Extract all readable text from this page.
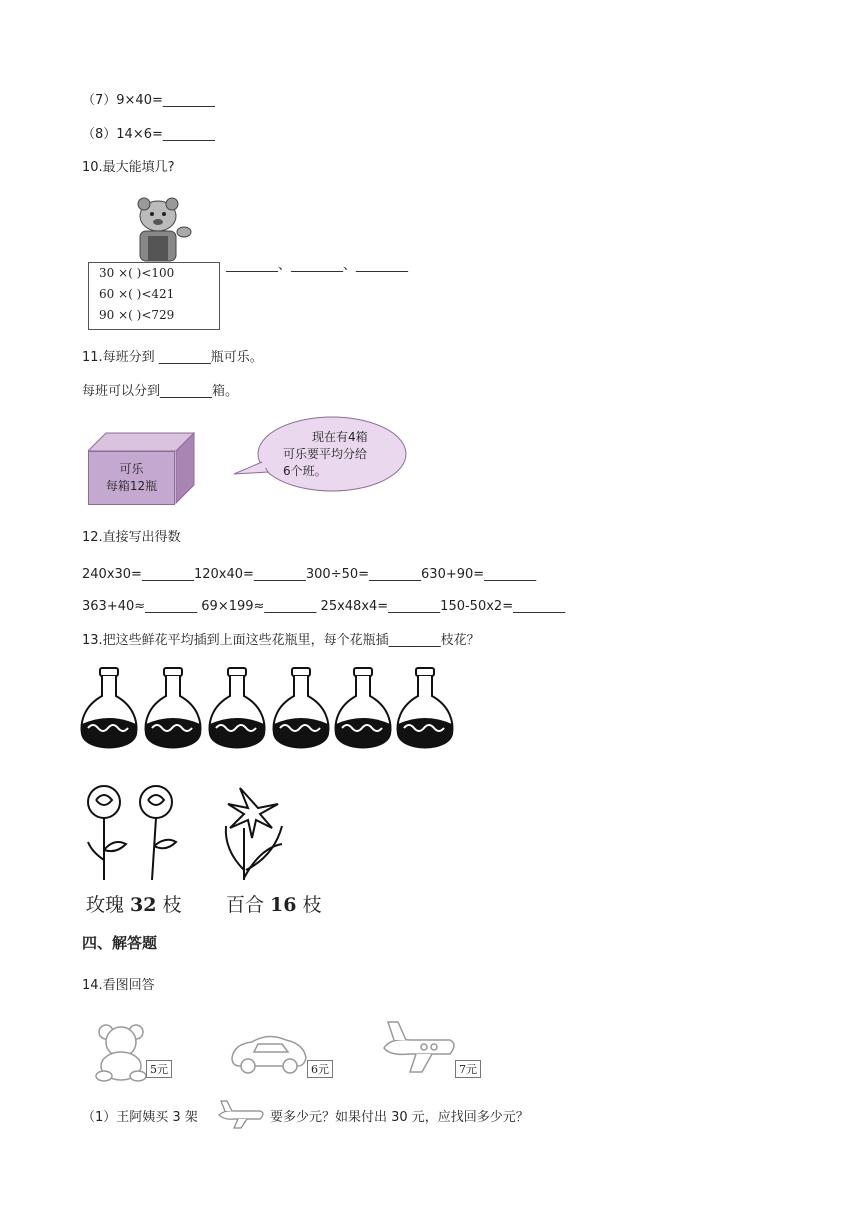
（7）9×40=________
（8）14×6=________
10.最大能填几?
30 ×( )<100
60 ×( )<421
90 ×( )<729
________、________、________
11.每班分到 ________瓶可乐。
每班可以分到________箱。
可乐
每箱12瓶
现在有4箱
可乐要平均分给
6个班。
12.直接写出得数
240x30=________120x40=________300÷50=________630+90=________
363+40≈________ 69×199≈________ 25x48x4=________150-50x2=________
13.把这些鲜花平均插到上面这些花瓶里，每个花瓶插________枝花？
玫瑰 32 枝 百合 16 枝
四、解答题
14.看图回答
5元	6元	7元
（1）王阿姨买 3 架	要多少元？如果付出 30 元，应找回多少元？
